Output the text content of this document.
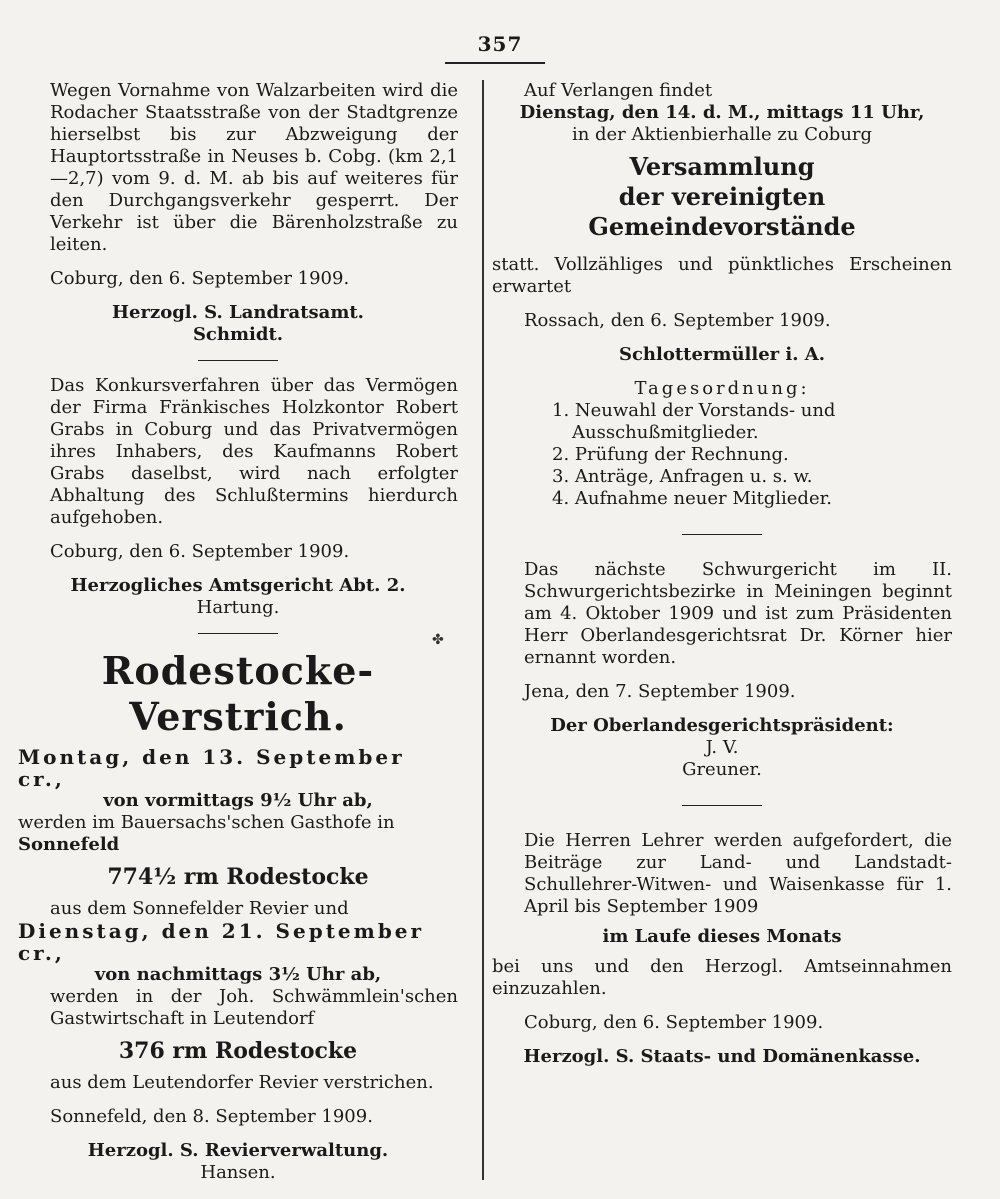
357
✤

Wegen Vornahme von Walzarbeiten wird die Rodacher Staatsstraße von der Stadtgrenze hierselbst bis zur Abzweigung der Hauptortsstraße in Neuses b. Cobg. (km 2,1—2,7) vom 9. d. M. ab bis auf weiteres für den Durchgangsverkehr gesperrt. Der Verkehr ist über die Bärenholzstraße zu leiten.

Coburg, den 6. September 1909.

Herzogl. S. Landratsamt.

Schmidt.

Das Konkursverfahren über das Vermögen der Firma Fränkisches Holzkontor Robert Grabs in Coburg und das Privatvermögen ihres Inhabers, des Kaufmanns Robert Grabs daselbst, wird nach erfolgter Abhaltung des Schlußtermins hierdurch aufgehoben.

Coburg, den 6. September 1909.

Herzogliches Amtsgericht Abt. 2.

Hartung.

Rodestocke-Verstrich.

Montag, den 13. September cr.,

von vormittags 9½ Uhr ab,

werden im Bauersachs'schen Gasthofe in

Sonnefeld

774½ rm Rodestocke

aus dem Sonnefelder Revier und

Dienstag, den 21. September cr.,

von nachmittags 3½ Uhr ab,

werden in der Joh. Schwämmlein'schen Gastwirtschaft in Leutendorf

376 rm Rodestocke

aus dem Leutendorfer Revier verstrichen.

Sonnefeld, den 8. September 1909.

Herzogl. S. Revierverwaltung.

Hansen.

Auf Verlangen findet

Dienstag, den 14. d. M., mittags 11 Uhr,

in der Aktienbierhalle zu Coburg

Versammlung

der vereinigten Gemeindevorstände

statt. Vollzähliges und pünktliches Erscheinen erwartet

Rossach, den 6. September 1909.

Schlottermüller i. A.

Tagesordnung:

1. Neuwahl der Vorstands- und

Ausschußmitglieder.

2. Prüfung der Rechnung.

3. Anträge, Anfragen u. s. w.

4. Aufnahme neuer Mitglieder.

Das nächste Schwurgericht im II. Schwurgerichtsbezirke in Meiningen beginnt am 4. Oktober 1909 und ist zum Präsidenten Herr Oberlandesgerichtsrat Dr. Körner hier ernannt worden.

Jena, den 7. September 1909.

Der Oberlandesgerichtspräsident:

J. V.

Greuner.

Die Herren Lehrer werden aufgefordert, die Beiträge zur Land- und Landstadt-Schullehrer-Witwen- und Waisenkasse für 1. April bis September 1909

im Laufe dieses Monats

bei uns und den Herzogl. Amtseinnahmen einzuzahlen.

Coburg, den 6. September 1909.

Herzogl. S. Staats- und Domänenkasse.
